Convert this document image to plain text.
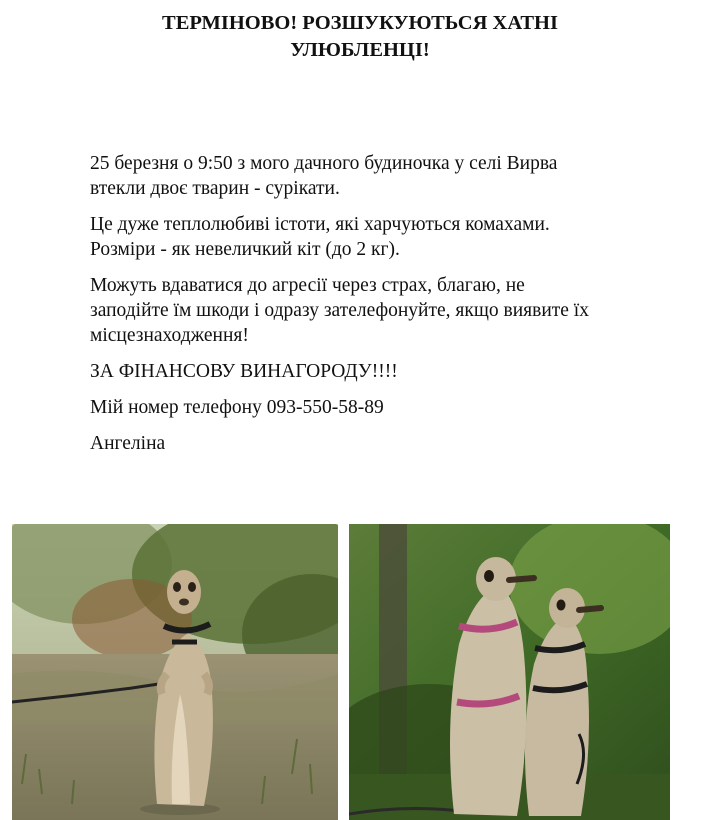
ТЕРМІНОВО! РОЗШУКУЮТЬСЯ ХАТНІ
УЛЮБЛЕНЦІ!

25 березня о 9:50 з мого дачного будиночка у селі Вирва
втекли двоє тварин - сурікати.

Це дуже теплолюбиві істоти, які харчуються комахами.
Розміри - як невеличкий кіт (до 2 кг).

Можуть вдаватися до агресії через страх, благаю, не
заподійте їм шкоди і одразу зателефонуйте, якщо виявите їх
місцезнаходження!

ЗА ФІНАНСОВУ ВИНАГОРОДУ!!!!

Мій номер телефону 093-550-58-89

Ангеліна
